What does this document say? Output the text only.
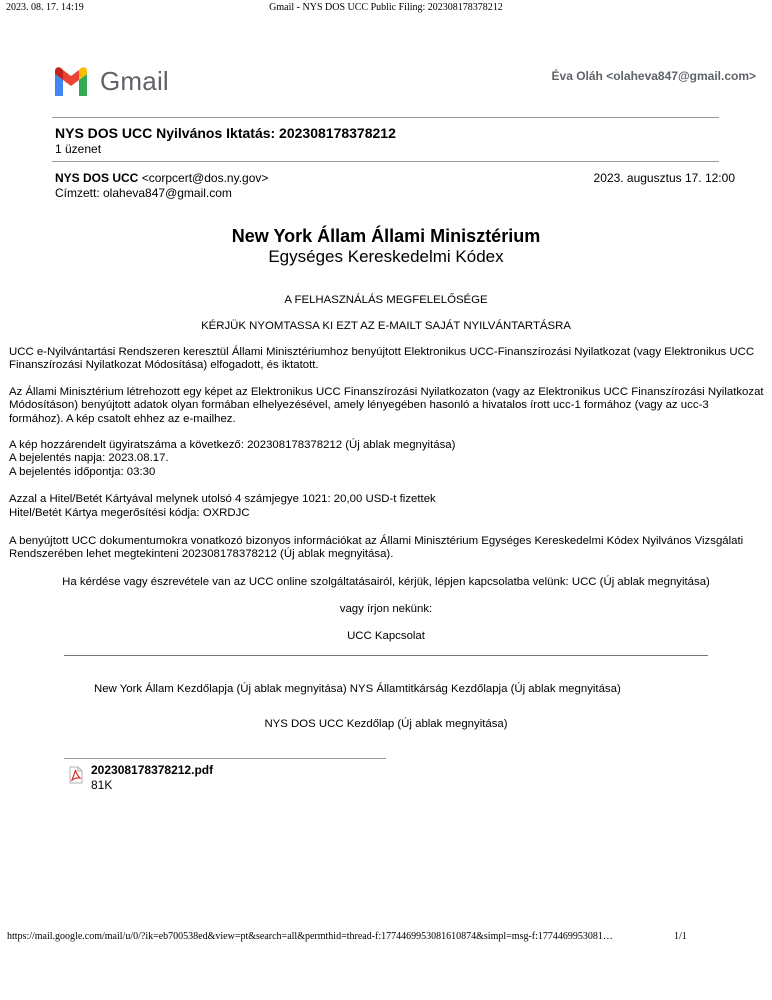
2023. 08. 17. 14:19	Gmail - NYS DOS UCC Public Filing: 202308178378212
Gmail	Éva Oláh <olaheva847@gmail.com>
NYS DOS UCC Nyilvános Iktatás: 202308178378212
1 üzenet
NYS DOS UCC <corpcert@dos.ny.gov>
Címzett: olaheva847@gmail.com
2023. augusztus 17. 12:00
New York Állam Állami Minisztérium
Egységes Kereskedelmi Kódex
A FELHASZNÁLÁS MEGFELELŐSÉGE
KÉRJÜK NYOMTASSA KI EZT AZ E-MAILT SAJÁT NYILVÁNTARTÁSRA
UCC e-Nyilvántartási Rendszeren keresztül Állami Minisztériumhoz benyújtott Elektronikus UCC-Finanszírozási Nyilatkozat (vagy Elektronikus UCC Finanszírozási Nyilatkozat Módosítása) elfogadott, és iktatott.
Az Állami Minisztérium létrehozott egy képet az Elektronikus UCC Finanszírozási Nyilatkozaton (vagy az Elektronikus UCC Finanszírozási Nyilatkozat Módosításon) benyújtott adatok olyan formában elhelyezésével, amely lényegében hasonló a hivatalos írott ucc-1 formához (vagy az ucc-3 formához). A kép csatolt ehhez az e-mailhez.
A kép hozzárendelt ügyiratszáma a következő: 202308178378212 (Új ablak megnyitása)
A bejelentés napja: 2023.08.17.
A bejelentés időpontja: 03:30
Azzal a Hitel/Betét Kártyával melynek utolsó 4 számjegye 1021: 20,00 USD-t fizettek
Hitel/Betét Kártya megerősítési kódja: OXRDJC
A benyújtott UCC dokumentumokra vonatkozó bizonyos információkat az Állami Minisztérium Egységes Kereskedelmi Kódex Nyilvános Vizsgálati Rendszerében lehet megtekinteni 202308178378212 (Új ablak megnyitása).
Ha kérdése vagy észrevétele van az UCC online szolgáltatásairól, kérjük, lépjen kapcsolatba velünk: UCC (Új ablak megnyitása)
vagy írjon nekünk:
UCC Kapcsolat
New York Állam Kezdőlapja (Új ablak megnyitása) NYS Államtitkárság Kezdőlapja (Új ablak megnyitása)
NYS DOS UCC Kezdőlap (Új ablak megnyitása)
202308178378212.pdf
81K
https://mail.google.com/mail/u/0/?ik=eb700538ed&view=pt&search=all&permthid=thread-f:1774469953081610874&simpl=msg-f:1774469953081…	1/1
